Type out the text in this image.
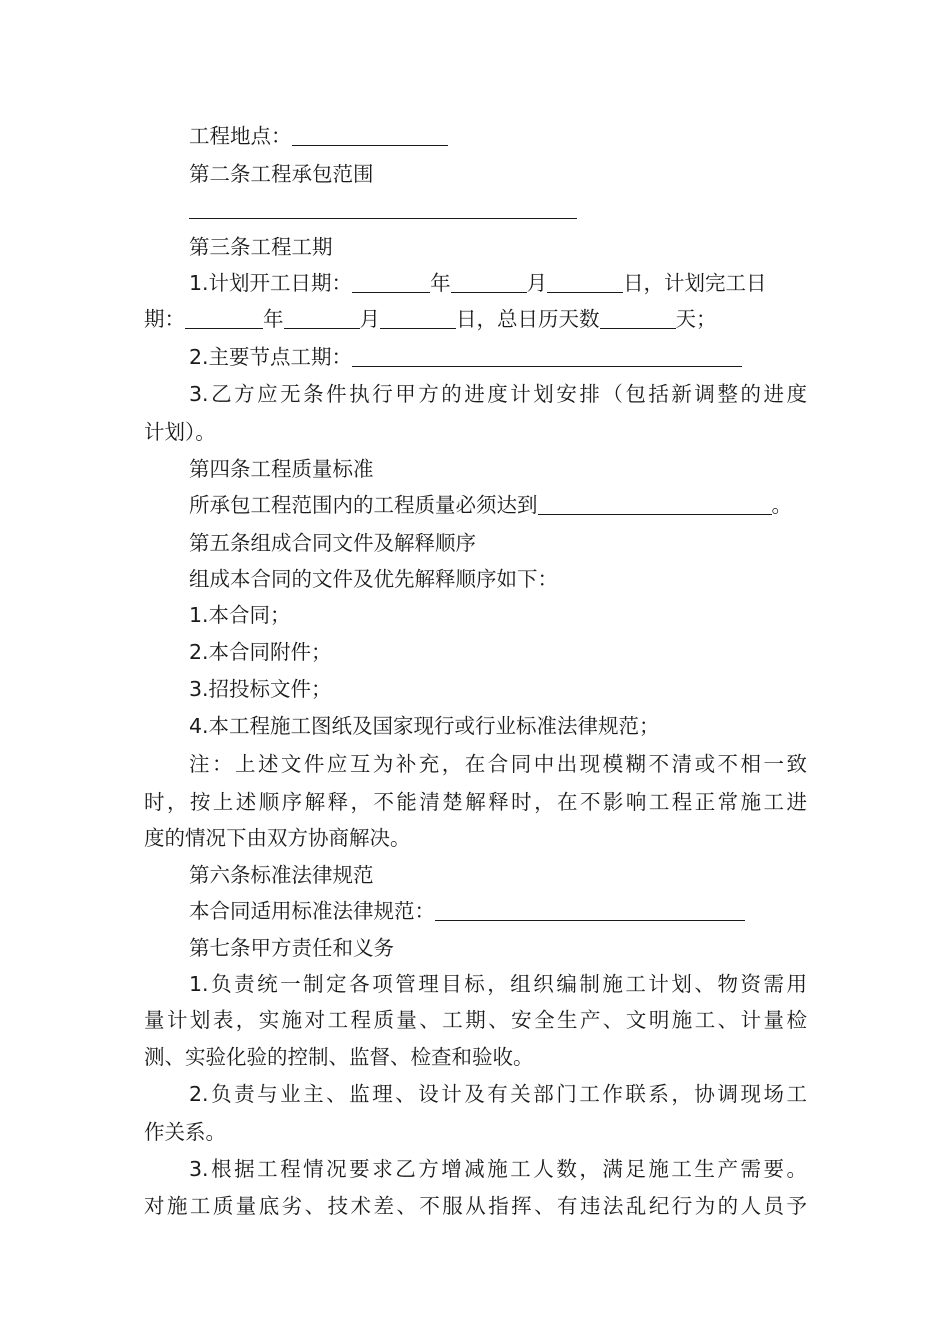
工程地点：
第二条工程承包范围
第三条工程工期
1.计划开工日期：	年	月	日，计划完工日
期：	年	月	日，总日历天数	天；
2.主要节点工期：
3.乙方应无条件执行甲方的进度计划安排（包括新调整的进度
计划）。
第四条工程质量标准
所承包工程范围内的工程质量必须达到	。
第五条组成合同文件及解释顺序
组成本合同的文件及优先解释顺序如下：
1.本合同；
2.本合同附件；
3.招投标文件；
4.本工程施工图纸及国家现行或行业标准法律规范；
注：上述文件应互为补充，在合同中出现模糊不清或不相一致
时，按上述顺序解释，不能清楚解释时，在不影响工程正常施工进
度的情况下由双方协商解决。
第六条标准法律规范
本合同适用标准法律规范：
第七条甲方责任和义务
1.负责统一制定各项管理目标，组织编制施工计划、物资需用
量计划表，实施对工程质量、工期、安全生产、文明施工、计量检
测、实验化验的控制、监督、检查和验收。
2.负责与业主、监理、设计及有关部门工作联系，协调现场工
作关系。
3.根据工程情况要求乙方增减施工人数，满足施工生产需要。
对施工质量底劣、技术差、不服从指挥、有违法乱纪行为的人员予
